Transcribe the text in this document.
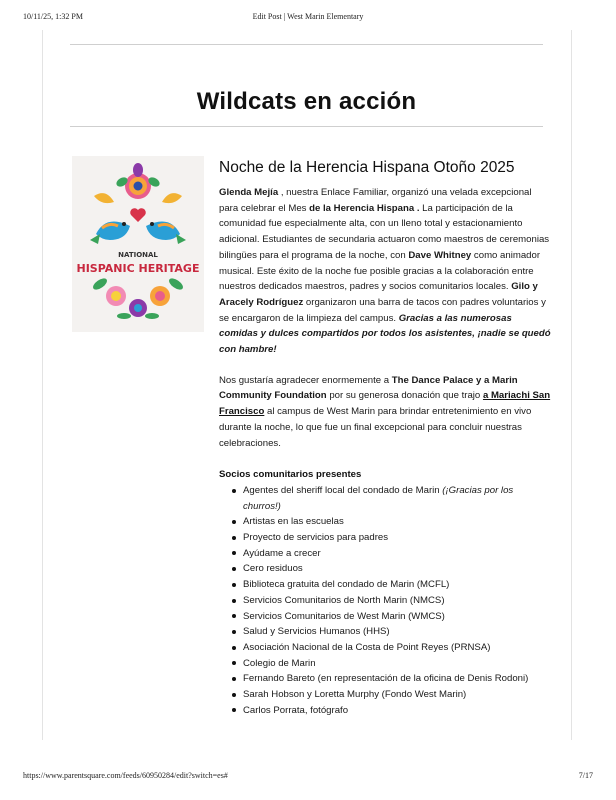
10/11/25, 1:32 PM	Edit Post | West Marin Elementary
Wildcats en acción
NATIONAL
HISPANIC HERITAGE
Noche de la Herencia Hispana Otoño 2025

Glenda Mejía , nuestra Enlace Familiar, organizó una velada excepcional para celebrar el Mes de la Herencia Hispana . La participación de la comunidad fue especialmente alta, con un lleno total y estacionamiento adicional. Estudiantes de secundaria actuaron como maestros de ceremonias bilingües para el programa de la noche, con Dave Whitney como animador musical. Este éxito de la noche fue posible gracias a la colaboración entre nuestros dedicados maestros, padres y socios comunitarios locales. Gilo y Aracely Rodríguez organizaron una barra de tacos con padres voluntarios y se encargaron de la limpieza del campus. Gracias a las numerosas comidas y dulces compartidos por todos los asistentes, ¡nadie se quedó con hambre!

Nos gustaría agradecer enormemente a The Dance Palace y a Marin Community Foundation por su generosa donación que trajo a Mariachi San Francisco al campus de West Marin para brindar entretenimiento en vivo durante la noche, lo que fue un final excepcional para concluir nuestras celebraciones.

Socios comunitarios presentes

Agentes del sheriff local del condado de Marin (¡Gracias por los churros!)
Artistas en las escuelas
Proyecto de servicios para padres
Ayúdame a crecer
Cero residuos
Biblioteca gratuita del condado de Marin (MCFL)
Servicios Comunitarios de North Marin (NMCS)
Servicios Comunitarios de West Marin (WMCS)
Salud y Servicios Humanos (HHS)
Asociación Nacional de la Costa de Point Reyes (PRNSA)
Colegio de Marin
Fernando Bareto (en representación de la oficina de Denis Rodoni)
Sarah Hobson y Loretta Murphy (Fondo West Marin)
Carlos Porrata, fotógrafo
https://www.parentsquare.com/feeds/60950284/edit?switch=es#	7/17
